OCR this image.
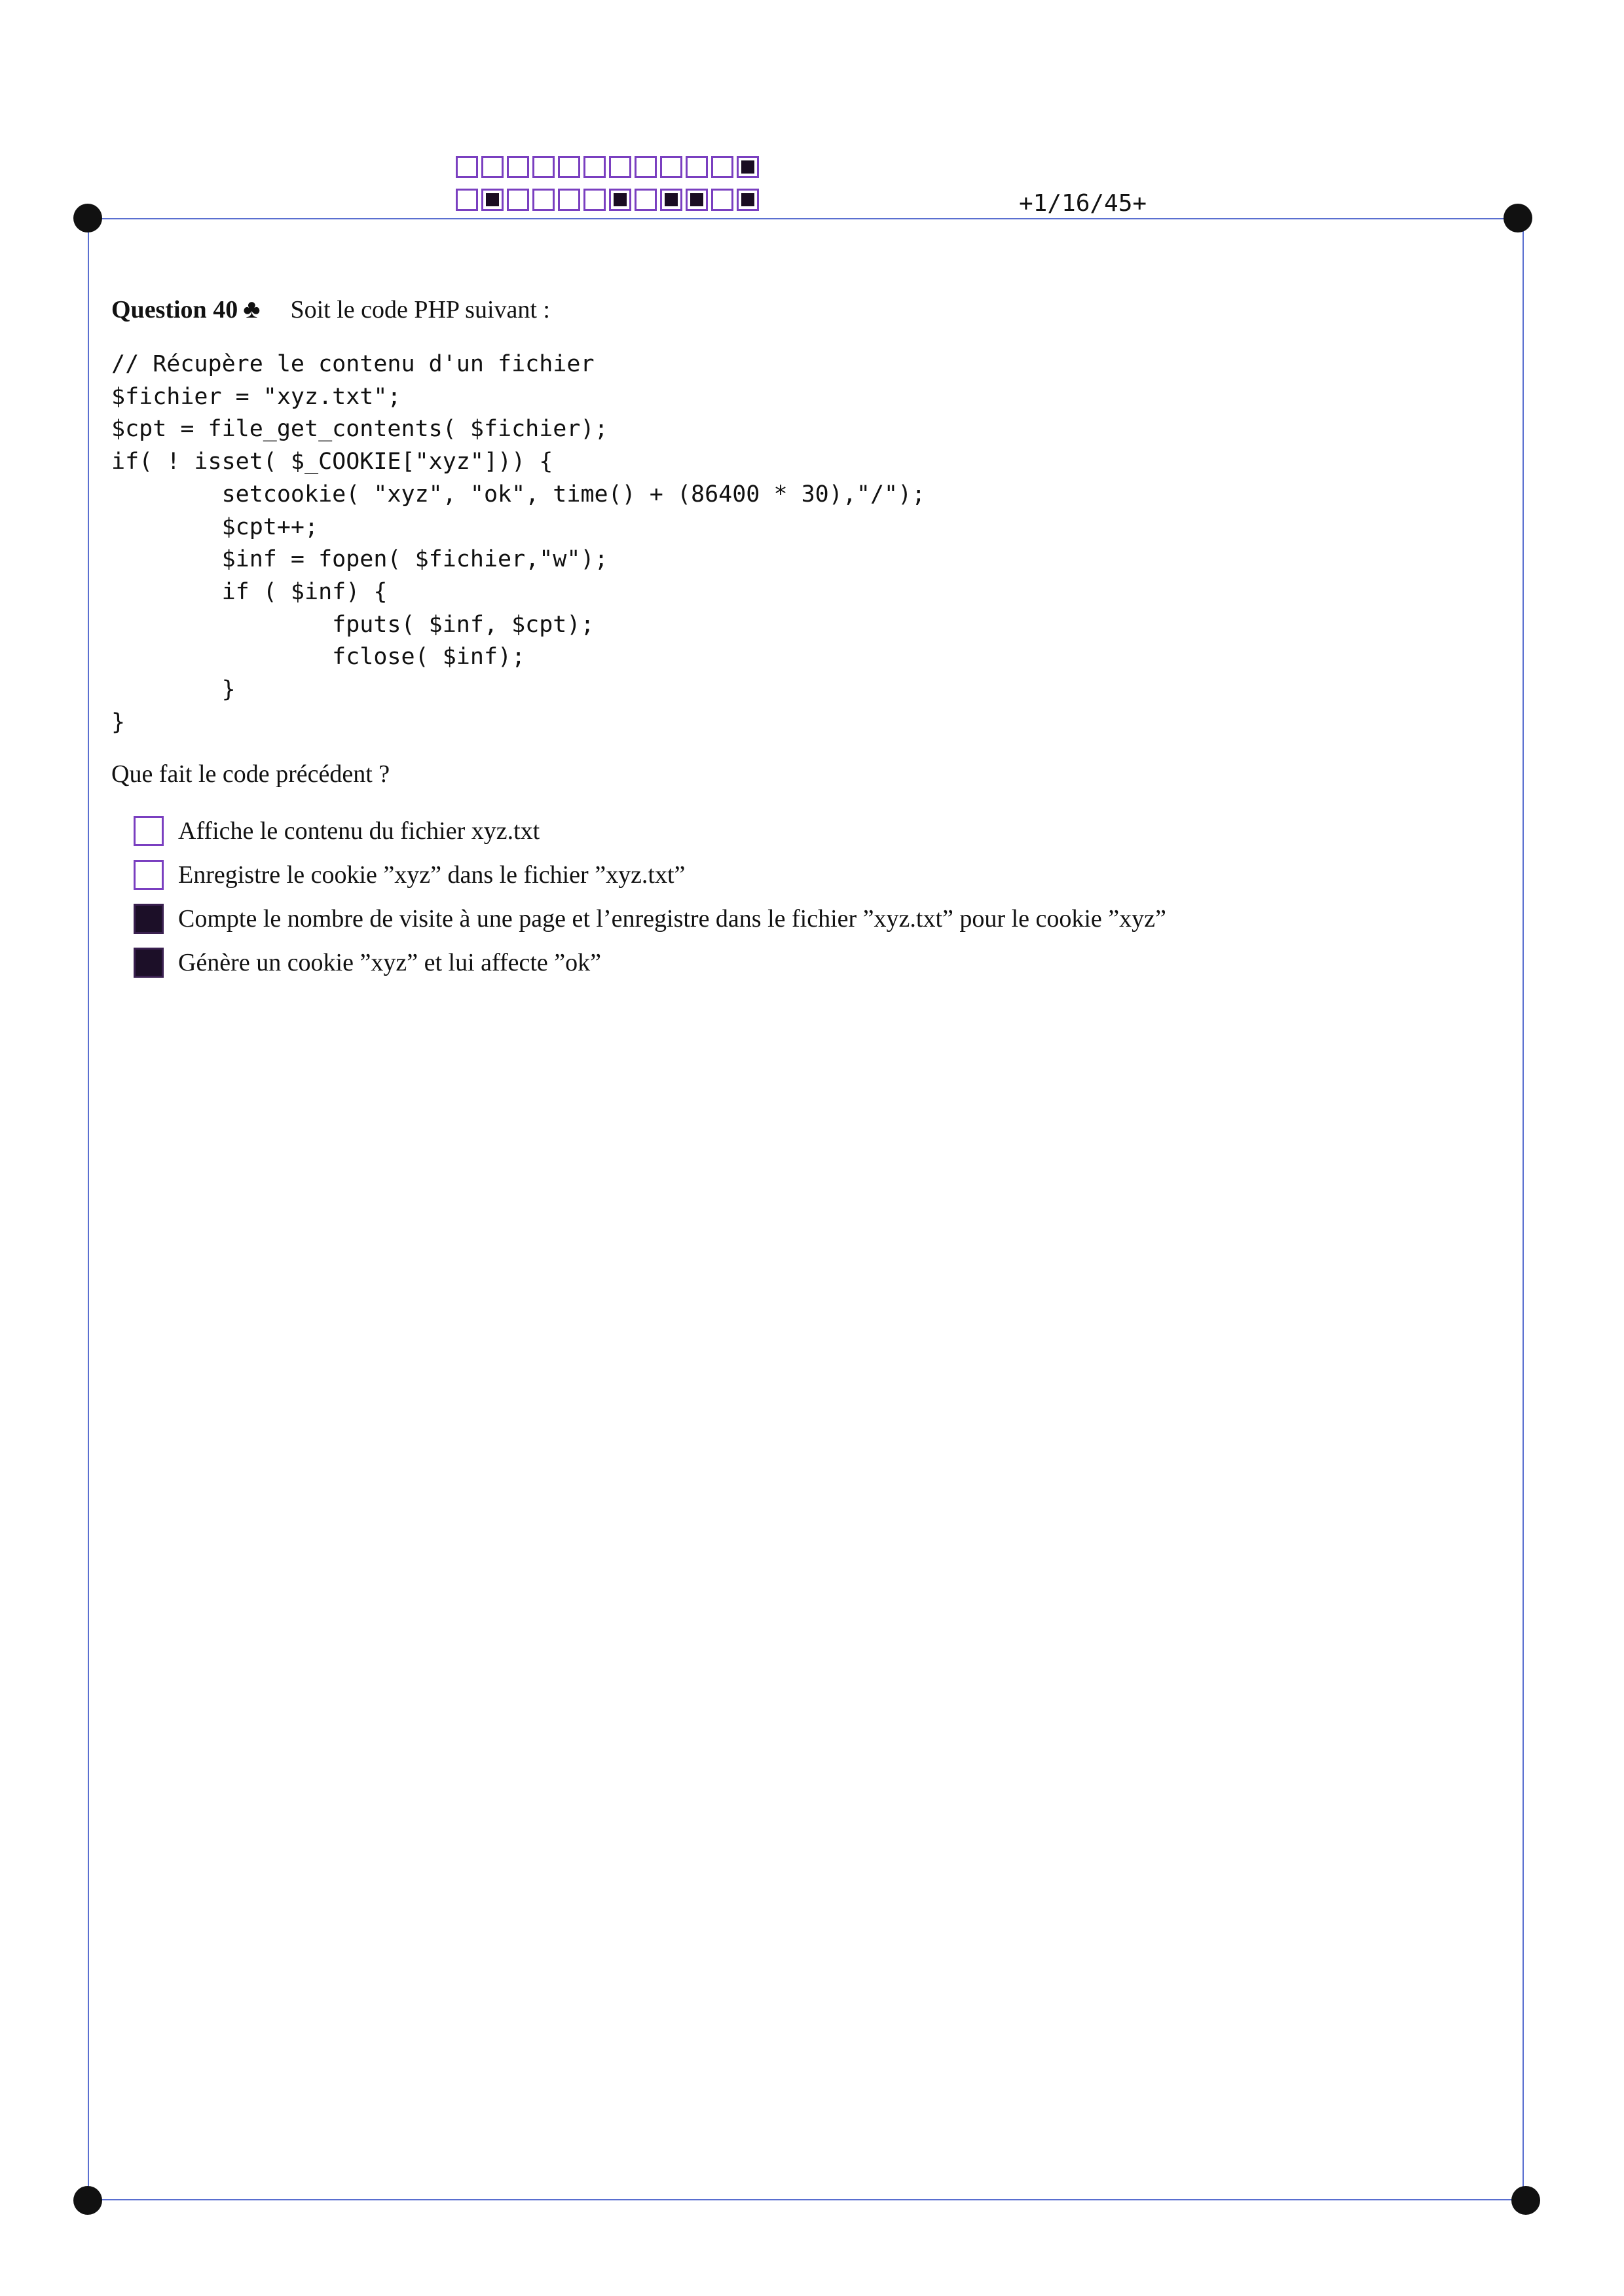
+1/16/45+
Question 40 ♣ Soit le code PHP suivant :
// Récupère le contenu d'un fichier
$fichier = "xyz.txt";
$cpt = file_get_contents( $fichier);
if( ! isset( $_COOKIE["xyz"])) {
setcookie( "xyz", "ok", time() + (86400 * 30),"/");
$cpt++;
$inf = fopen( $fichier,"w");
if ( $inf) {
fputs( $inf, $cpt);
fclose( $inf);
}
}
Que fait le code précédent ?
Affiche le contenu du fichier xyz.txt
Enregistre le cookie ”xyz” dans le fichier ”xyz.txt”
Compte le nombre de visite à une page et l’enregistre dans le fichier ”xyz.txt” pour le cookie ”xyz”
Génère un cookie ”xyz” et lui affecte ”ok”
